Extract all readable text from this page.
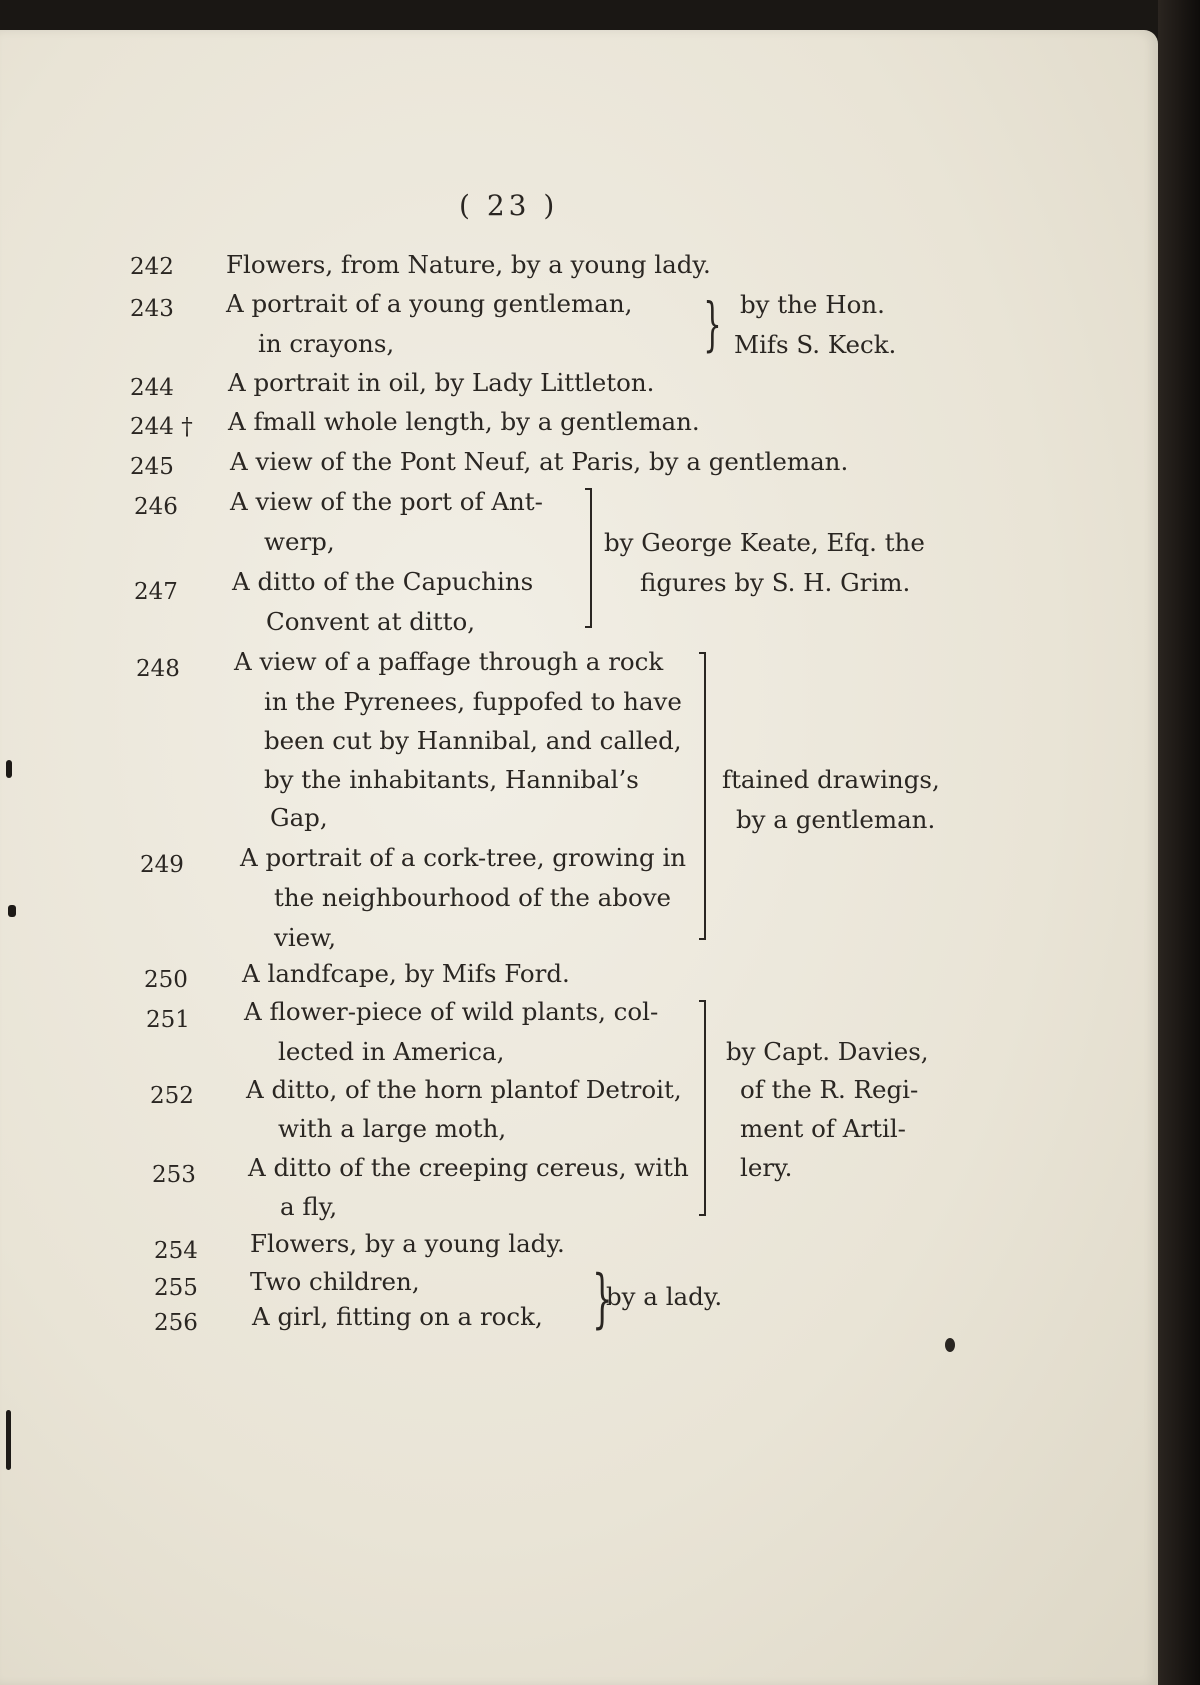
( 23 )
242 Flowers, from Nature, by a young lady.
243 A portrait of a young gentleman,
in crayons,	} by the Hon.
Mifs S. Keck.
244 A portrait in oil, by Lady Littleton.
244 † A fmall whole length, by a gentleman.
245 A view of the Pont Neuf, at Paris, by a gentleman.
246 A view of the port of Ant-
werp,
247 A ditto of the Capuchins
Convent at ditto,
by George Keate, Efq. the
figures by S. H. Grim.
248 A view of a paffage through a rock
in the Pyrenees, fuppofed to have
been cut by Hannibal, and called,
by the inhabitants, Hannibal’s
Gap,
249 A portrait of a cork-tree, growing in
the neighbourhood of the above
view,
ftained drawings,
by a gentleman.
250 A landfcape, by Mifs Ford.
251 A flower-piece of wild plants, col-
lected in America,
252 A ditto, of the horn plantof Detroit,
with a large moth,
253 A ditto of the creeping cereus, with
a fly,
by Capt. Davies,
of the R. Regi-
ment of Artil-
lery.
254 Flowers, by a young lady.
255 Two children,
256 A girl, fitting on a rock, }
by a lady.
